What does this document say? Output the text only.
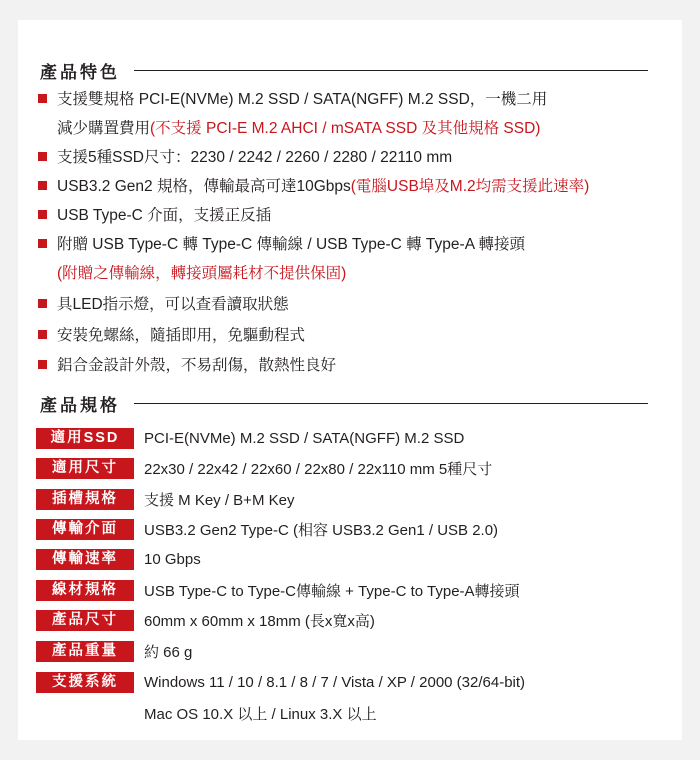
產品特色
支援雙規格 PCI-E(NVMe) M.2 SSD / SATA(NGFF) M.2 SSD，一機二用
減少購置費用(不支援 PCI-E M.2 AHCI / mSATA SSD 及其他規格 SSD)
支援5種SSD尺寸：2230 / 2242 / 2260 / 2280 / 22110 mm
USB3.2 Gen2 規格，傳輸最高可達10Gbps(電腦USB埠及M.2均需支援此速率)
USB Type-C 介面，支援正反插
附贈 USB Type-C 轉 Type-C 傳輸線 / USB Type-C 轉 Type-A 轉接頭
(附贈之傳輸線，轉接頭屬耗材不提供保固)
具LED指示燈，可以查看讀取狀態
安裝免螺絲，隨插即用，免驅動程式
鋁合金設計外殼，不易刮傷，散熱性良好
產品規格
適用SSD	PCI-E(NVMe) M.2 SSD / SATA(NGFF) M.2 SSD
適用尺寸	22x30 / 22x42 / 22x60 / 22x80 / 22x110 mm 5種尺寸
插槽規格	支援 M Key / B+M Key
傳輸介面	USB3.2 Gen2 Type-C (相容 USB3.2 Gen1 / USB 2.0)
傳輸速率	10 Gbps
線材規格	USB Type-C to Type-C傳輸線 + Type-C to Type-A轉接頭
產品尺寸	60mm x 60mm x 18mm (長x寬x高)
產品重量	約 66 g
支援系統	Windows 11 / 10 / 8.1 / 8 / 7 / Vista / XP / 2000 (32/64-bit)
Mac OS 10.X 以上 / Linux 3.X 以上
